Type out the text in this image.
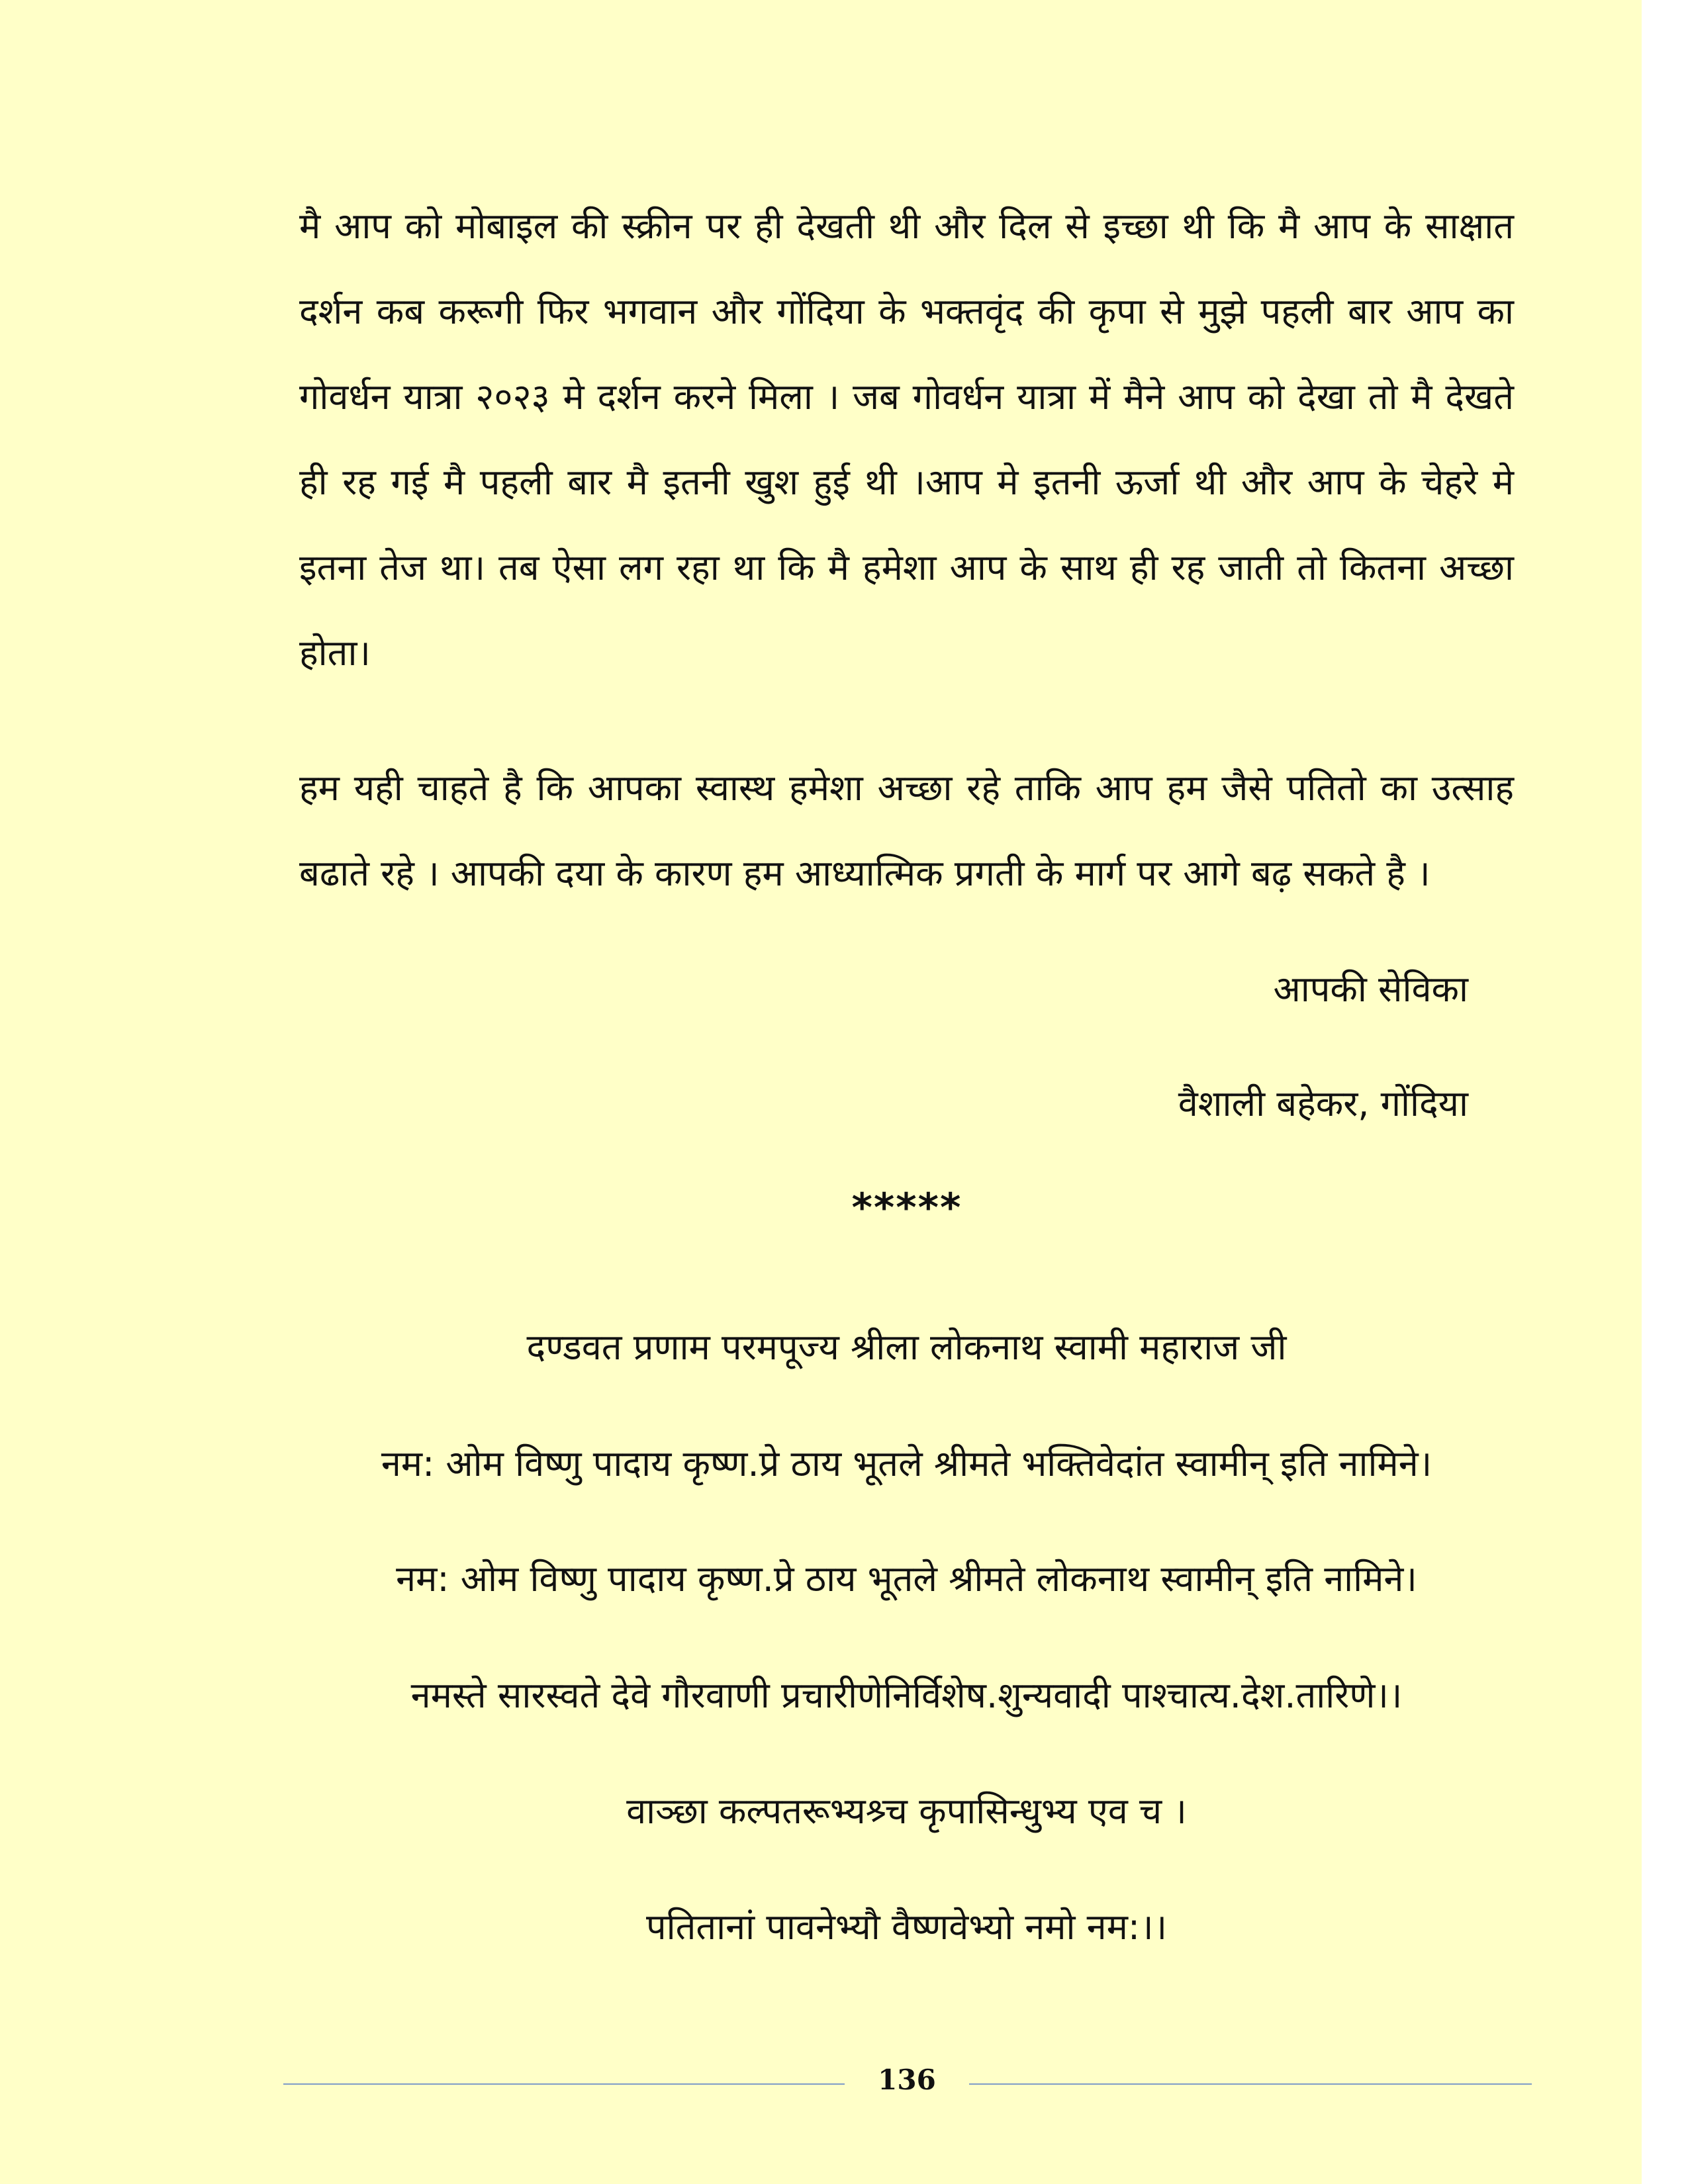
मै आप को मोबाइल की स्क्रीन पर ही देखती थी और दिल से इच्छा थी कि मै आप के साक्षात दर्शन कब करूगी फिर भगवान और गोंदिया के भक्तवृंद की कृपा से मुझे पहली बार आप का गोवर्धन यात्रा २०२३ मे दर्शन करने मिला । जब गोवर्धन यात्रा में मैने आप को देखा तो मै देखते ही रह गई मै पहली बार मै इतनी खुश हुई थी ।आप मे इतनी ऊर्जा थी और आप के चेहरे मे इतना तेज था। तब ऐसा लग रहा था कि मै हमेशा आप के साथ ही रह जाती तो कितना अच्छा होता।

हम यही चाहते है कि आपका स्वास्थ हमेशा अच्छा रहे ताकि आप हम जैसे पतितो का उत्साह बढाते रहे । आपकी दया के कारण हम आध्यात्मिक प्रगती के मार्ग पर आगे बढ़ सकते है ।

आपकी सेविका
वैशाली बहेकर, गोंदिया
*****
दण्डवत प्रणाम परमपूज्य श्रीला लोकनाथ स्वामी महाराज जी
नम: ओम विष्णु पादाय कृष्ण.प्रे ठाय भूतले श्रीमते भक्तिवेदांत स्वामीन् इति नामिने।
नम: ओम विष्णु पादाय कृष्ण.प्रे ठाय भूतले श्रीमते लोकनाथ स्वामीन् इति नामिने।
नमस्ते सारस्वते देवे गौरवाणी प्रचारीणेनिर्विशेष.शुन्यवादी पाश्चात्य.देश.तारिणे।।
वाञ्छा कल्पतरूभ्यश्र्च कृपासिन्धुभ्य एव च ।
पतितानां पावनेभ्यौ वैष्णवेभ्यो नमो नम:।।
136
